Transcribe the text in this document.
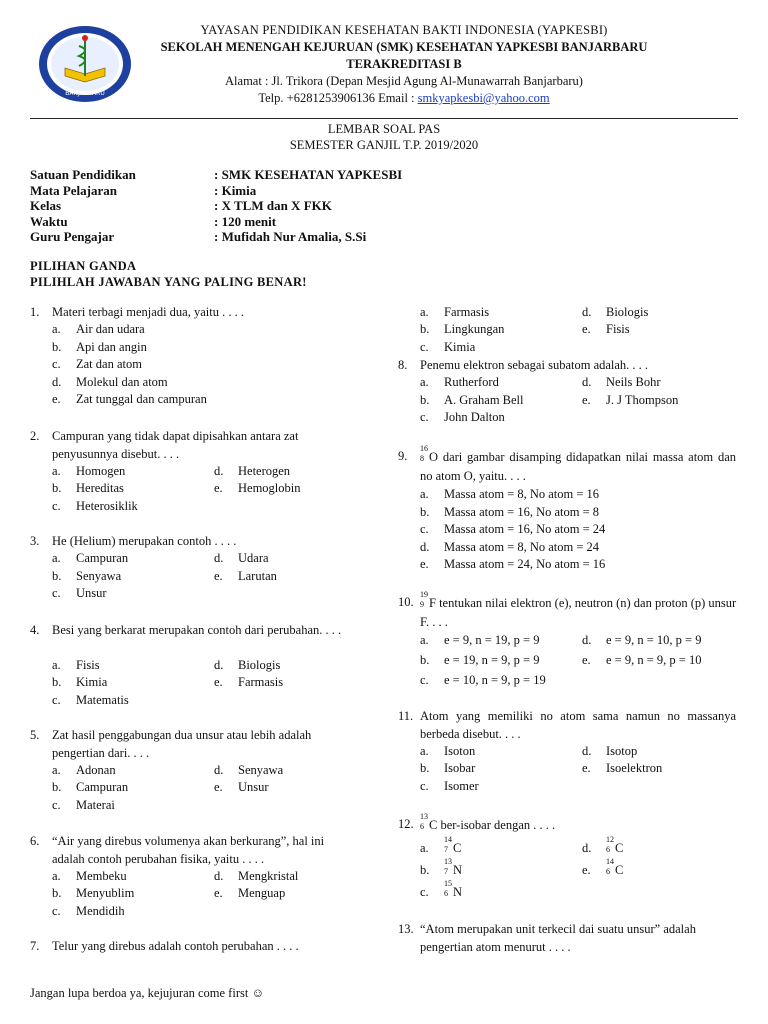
BANJARBARU
YAYASAN PENDIDIKAN KESEHATAN BAKTI INDONESIA (YAPKESBI)
SEKOLAH MENENGAH KEJURUAN (SMK) KESEHATAN YAPKESBI BANJARBARU
TERAKREDITASI B
Alamat : Jl. Trikora (Depan Mesjid Agung Al-Munawarrah Banjarbaru)
Telp. +6281253906136 Email : smkyapkesbi@yahoo.com
LEMBAR SOAL PAS
SEMESTER GANJIL T.P. 2019/2020
Satuan Pendidikan	: SMK KESEHATAN YAPKESBI
Mata Pelajaran	: Kimia
Kelas	: X TLM dan X FKK
Waktu	: 120 menit
Guru Pengajar	: Mufidah Nur Amalia, S.Si
PILIHAN GANDA
PILIHLAH JAWABAN YANG PALING BENAR!
1. Materi terbagi menjadi dua, yaitu . . . .
a. Air dan udara
b. Api dan angin
c. Zat dan atom
d. Molekul dan atom
e. Zat tunggal dan campuran
2. Campuran yang tidak dapat dipisahkan antara zat penyusunnya disebut. . . .
a. Homogen
b. Hereditas
c. Heterosiklik
d. Heterogen
e. Hemoglobin
3. He (Helium) merupakan contoh . . . .
a. Campuran
b. Senyawa
c. Unsur
d. Udara
e. Larutan
4. Besi yang berkarat merupakan contoh dari perubahan. . . .
a. Fisis
b. Kimia
c. Matematis
d. Biologis
e. Farmasis
5. Zat hasil penggabungan dua unsur atau lebih adalah pengertian dari. . . .
a. Adonan
b. Campuran
c. Materai
d. Senyawa
e. Unsur
6. “Air yang direbus volumenya akan berkurang”, hal ini adalah contoh perubahan fisika, yaitu . . . .
a. Membeku
b. Menyublim
c. Mendidih
d. Mengkristal
e. Menguap
7. Telur yang direbus adalah contoh perubahan . . . .
a. Farmasis
b. Lingkungan
c. Kimia
d. Biologis
e. Fisis
8. Penemu elektron sebagai subatom adalah. . . .
a. Rutherford
b. A. Graham Bell
c. John Dalton
d. Neils Bohr
e. J. J Thompson
9.
16
8 O dari gambar disamping didapatkan nilai massa atom dan no atom O, yaitu. . . .
a. Massa atom = 8, No atom = 16
b. Massa atom = 16, No atom = 8
c. Massa atom = 16, No atom = 24
d. Massa atom = 8, No atom = 24
e. Massa atom = 24, No atom = 16
10.
19
9 F tentukan nilai elektron (e), neutron (n) dan proton (p) unsur F. . . .
a. e = 9, n = 19, p = 9
b. e = 19, n = 9, p = 9
c. e = 10, n = 9, p = 19
d. e = 9, n = 10, p = 9
e. e = 9, n = 9, p = 10
11. Atom yang memiliki no atom sama namun no massanya berbeda disebut. . . .
a. Isoton
b. Isobar
c. Isomer
d. Isotop
e. Isoelektron
12.
13
6 C ber-isobar dengan . . . .
a.
14
7 C
b.
13
7 N
c.
15
6 N
d.
12
6 C
e.
14
6 C
13. “Atom merupakan unit terkecil dai suatu unsur” adalah pengertian atom menurut . . . .
Jangan lupa berdoa ya, kejujuran come first ☺
